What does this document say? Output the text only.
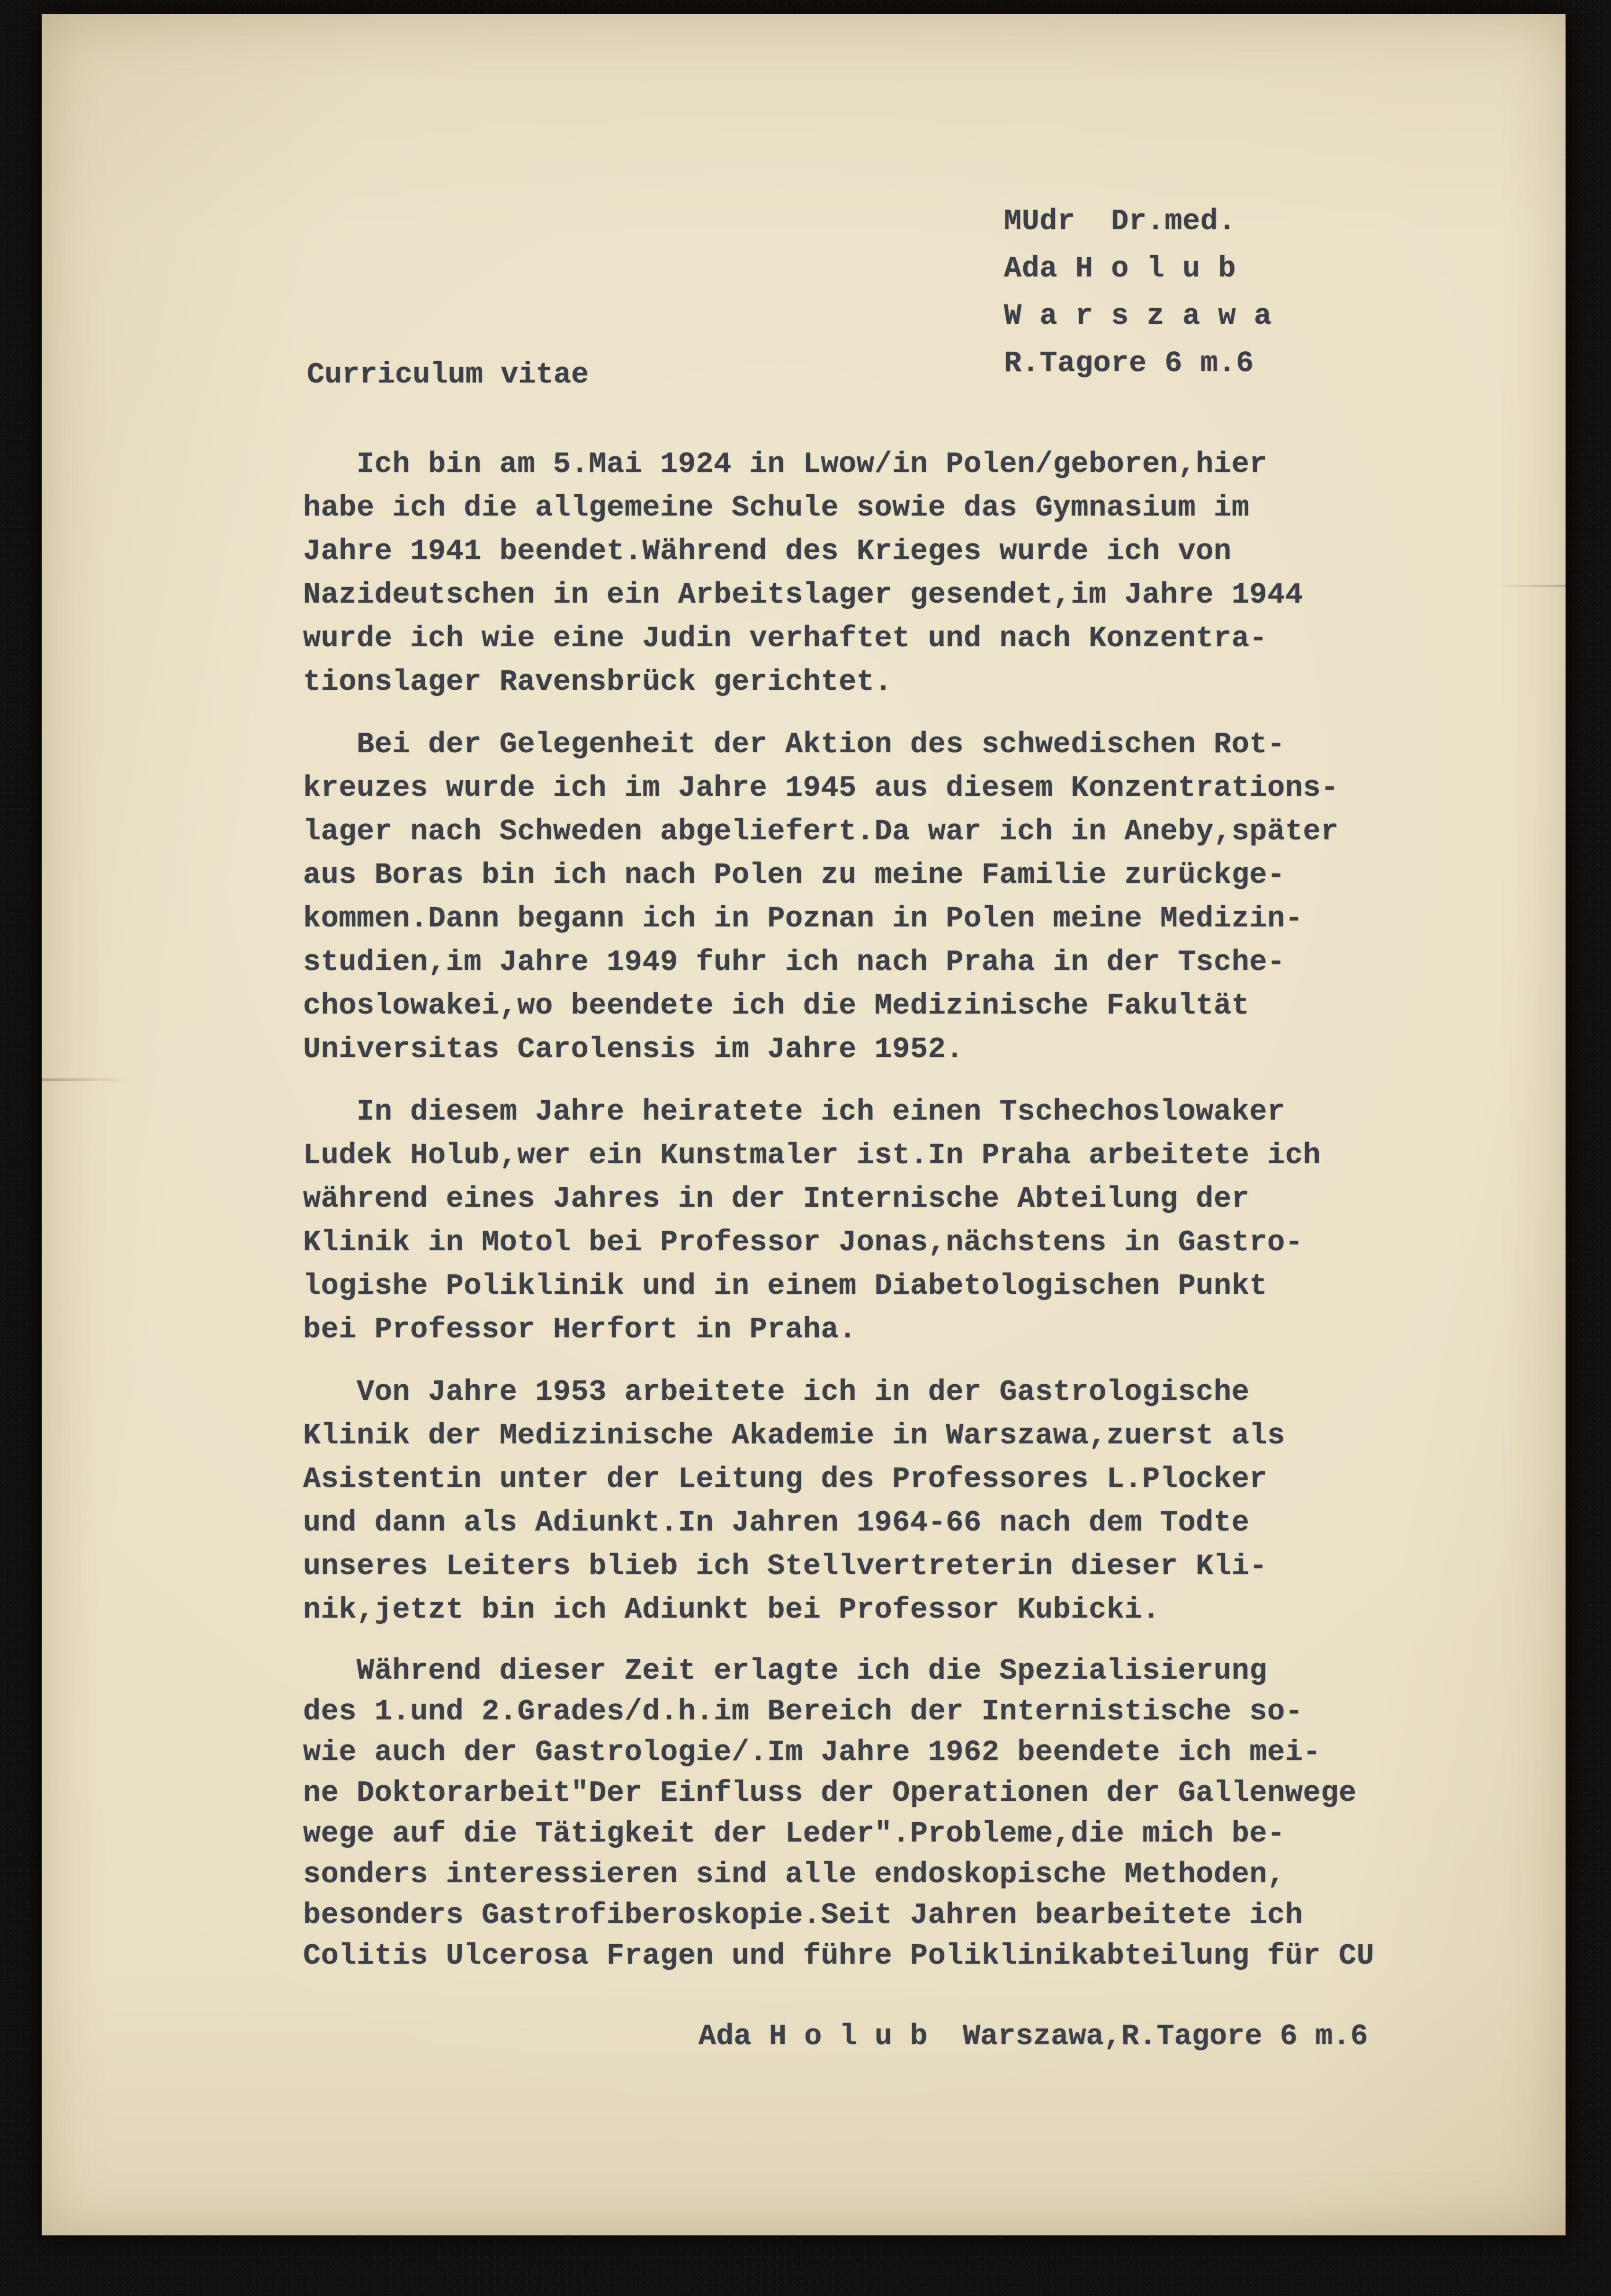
MUdr  Dr.med.
Ada H o l u b
W a r s z a w a
R.Tagore 6 m.6
Curriculum vitae
Ich bin am 5.Mai 1924 in Lwow/in Polen/geboren,hier
habe ich die allgemeine Schule sowie das Gymnasium im
Jahre 1941 beendet.Während des Krieges wurde ich von
Nazideutschen in ein Arbeitslager gesendet,im Jahre 1944
wurde ich wie eine Judin verhaftet und nach Konzentra-
tionslager Ravensbrück gerichtet.
Bei der Gelegenheit der Aktion des schwedischen Rot-
kreuzes wurde ich im Jahre 1945 aus diesem Konzentrations-
lager nach Schweden abgeliefert.Da war ich in Aneby,später
aus Boras bin ich nach Polen zu meine Familie zurückge-
kommen.Dann begann ich in Poznan in Polen meine Medizin-
studien,im Jahre 1949 fuhr ich nach Praha in der Tsche-
choslowakei,wo beendete ich die Medizinische Fakultät
Universitas Carolensis im Jahre 1952.
In diesem Jahre heiratete ich einen Tschechoslowaker
Ludek Holub,wer ein Kunstmaler ist.In Praha arbeitete ich
während eines Jahres in der Internische Abteilung der
Klinik in Motol bei Professor Jonas,nächstens in Gastro-
logishe Poliklinik und in einem Diabetologischen Punkt
bei Professor Herfort in Praha.
Von Jahre 1953 arbeitete ich in der Gastrologische
Klinik der Medizinische Akademie in Warszawa,zuerst als
Asistentin unter der Leitung des Professores L.Plocker
und dann als Adiunkt.In Jahren 1964-66 nach dem Todte
unseres Leiters blieb ich Stellvertreterin dieser Kli-
nik,jetzt bin ich Adiunkt bei Professor Kubicki.
Während dieser Zeit erlagte ich die Spezialisierung
des 1.und 2.Grades/d.h.im Bereich der Internistische so-
wie auch der Gastrologie/.Im Jahre 1962 beendete ich mei-
ne Doktorarbeit"Der Einfluss der Operationen der Gallenwege
wege auf die Tätigkeit der Leder".Probleme,die mich be-
sonders interessieren sind alle endoskopische Methoden,
besonders Gastrofiberoskopie.Seit Jahren bearbeitete ich
Colitis Ulcerosa Fragen und führe Poliklinikabteilung für CU
Ada H o l u b  Warszawa,R.Tagore 6 m.6
